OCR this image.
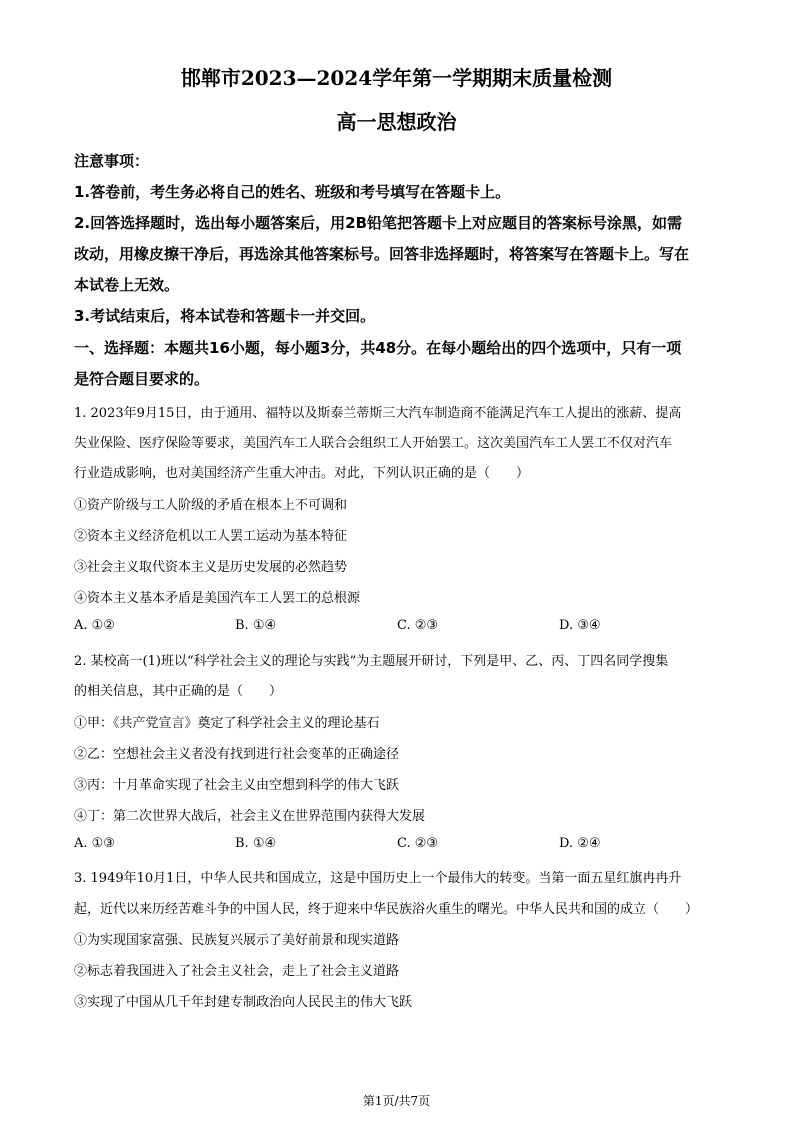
邯郸市2023—2024学年第一学期期末质量检测
高一思想政治
注意事项：
1.答卷前，考生务必将自己的姓名、班级和考号填写在答题卡上。
2.回答选择题时，选出每小题答案后，用2B铅笔把答题卡上对应题目的答案标号涂黑，如需
改动，用橡皮擦干净后，再选涂其他答案标号。回答非选择题时，将答案写在答题卡上。写在
本试卷上无效。
3.考试结束后，将本试卷和答题卡一并交回。
一、选择题：本题共16小题，每小题3分，共48分。在每小题给出的四个选项中，只有一项
是符合题目要求的。
1. 2023年9月15日，由于通用、福特以及斯泰兰蒂斯三大汽车制造商不能满足汽车工人提出的涨薪、提高
失业保险、医疗保险等要求，美国汽车工人联合会组织工人开始罢工。这次美国汽车工人罢工不仅对汽车
行业造成影响，也对美国经济产生重大冲击。对此，下列认识正确的是（　　）
①资产阶级与工人阶级的矛盾在根本上不可调和
②资本主义经济危机以工人罢工运动为基本特征
③社会主义取代资本主义是历史发展的必然趋势
④资本主义基本矛盾是美国汽车工人罢工的总根源
A. ①②	B. ①④	C. ②③	D. ③④
2. 某校高一(1)班以“科学社会主义的理论与实践”为主题展开研讨，下列是甲、乙、丙、丁四名同学搜集
的相关信息，其中正确的是（　　）
①甲：《共产党宣言》奠定了科学社会主义的理论基石
②乙：空想社会主义者没有找到进行社会变革的正确途径
③丙：十月革命实现了社会主义由空想到科学的伟大飞跃
④丁：第二次世界大战后，社会主义在世界范围内获得大发展
A. ①③	B. ①④	C. ②③	D. ②④
3. 1949年10月1日，中华人民共和国成立，这是中国历史上一个最伟大的转变。当第一面五星红旗冉冉升
起，近代以来历经苦难斗争的中国人民，终于迎来中华民族浴火重生的曙光。中华人民共和国的成立（　　）
①为实现国家富强、民族复兴展示了美好前景和现实道路
②标志着我国进入了社会主义社会，走上了社会主义道路
③实现了中国从几千年封建专制政治向人民民主的伟大飞跃
第1页/共7页
